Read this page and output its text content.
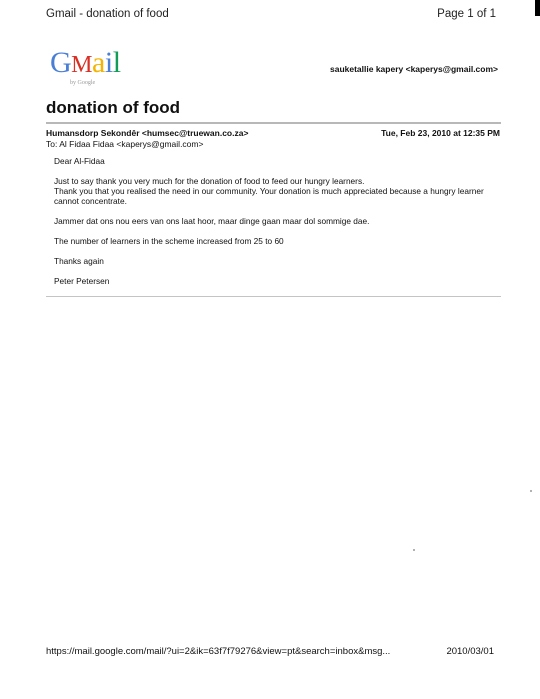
Gmail - donation of food	Page 1 of 1
GMail
by Google
sauketallie kapery <kaperys@gmail.com>
donation of food
Humansdorp Sekondêr <humsec@truewan.co.za>	Tue, Feb 23, 2010 at 12:35 PM
To: Al Fidaa Fidaa <kaperys@gmail.com>

Dear Al-Fidaa

Just to say thank you very much for the donation of food to feed our hungry learners.
Thank you that you realised the need in our community. Your donation is much appreciated because a hungry learner cannot concentrate.

Jammer dat ons nou eers van ons laat hoor, maar dinge gaan maar dol sommige dae.

The number of learners in the scheme increased from 25 to 60

Thanks again

Peter Petersen

https://mail.google.com/mail/?ui=2&ik=63f7f79276&view=pt&search=inbox&msg...	2010/03/01
